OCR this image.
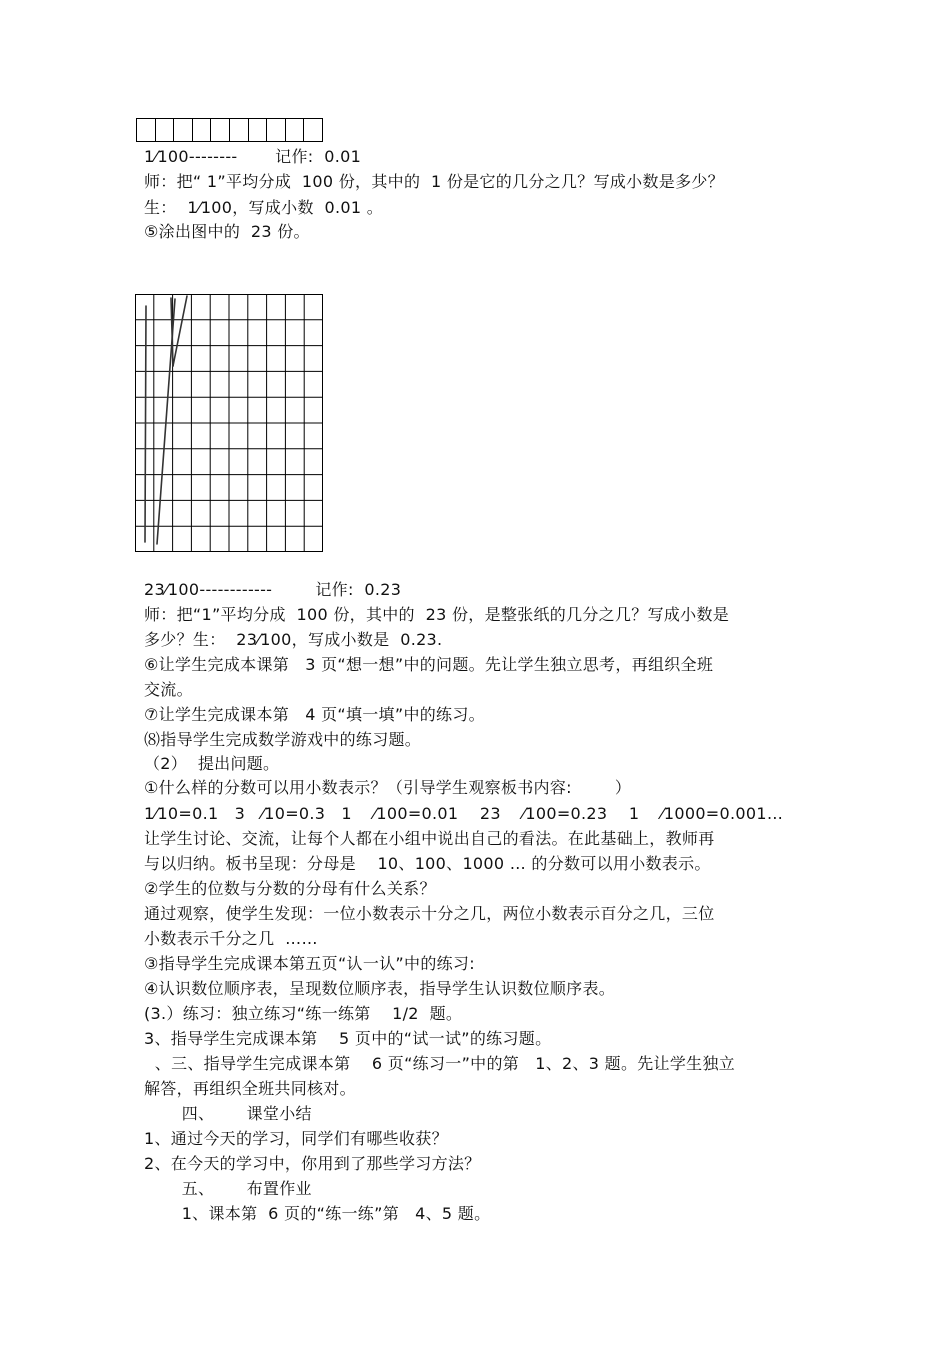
1⁄100--------       记作:  0.01
师：把“ 1”平均分成  100 份，其中的  1 份是它的几分之几？写成小数是多少？
生：  1⁄100，写成小数  0.01 。
⑤涂出图中的  23 份。
23⁄100------------        记作:  0.23
师：把“1”平均分成  100 份，其中的  23 份，是整张纸的几分之几？写成小数是
多少？生：  23⁄100，写成小数是  0.23.
⑥让学生完成本课第   3 页“想一想”中的问题。先让学生独立思考，再组织全班
交流。
⑦让学生完成课本第   4 页“填一填”中的练习。
⑻指导学生完成数学游戏中的练习题。
（2）  提出问题。
①什么样的分数可以用小数表示？（引导学生观察板书内容:        ）
1⁄10=0.1   3   ⁄10=0.3   1    ⁄100=0.01    23    ⁄100=0.23    1    ⁄1000=0.001…
让学生讨论、交流，让每个人都在小组中说出自己的看法。在此基础上，教师再
与以归纳。板书呈现：分母是    10、100、1000 … 的分数可以用小数表示。
②学生的位数与分数的分母有什么关系？
通过观察，使学生发现：一位小数表示十分之几，两位小数表示百分之几，三位
小数表示千分之几  ……
③指导学生完成课本第五页“认一认”中的练习:
④认识数位顺序表，呈现数位顺序表，指导学生认识数位顺序表。
(3.）练习：独立练习“练一练第    1/2  题。
3、指导学生完成课本第    5 页中的“试一试”的练习题。
、三、指导学生完成课本第    6 页“练习一”中的第   1、2、3 题。先让学生独立
解答，再组织全班共同核对。
四、      课堂小结
1、通过今天的学习，同学们有哪些收获？
2、在今天的学习中，你用到了那些学习方法？
五、      布置作业
1、课本第  6 页的“练一练”第   4、5 题。
